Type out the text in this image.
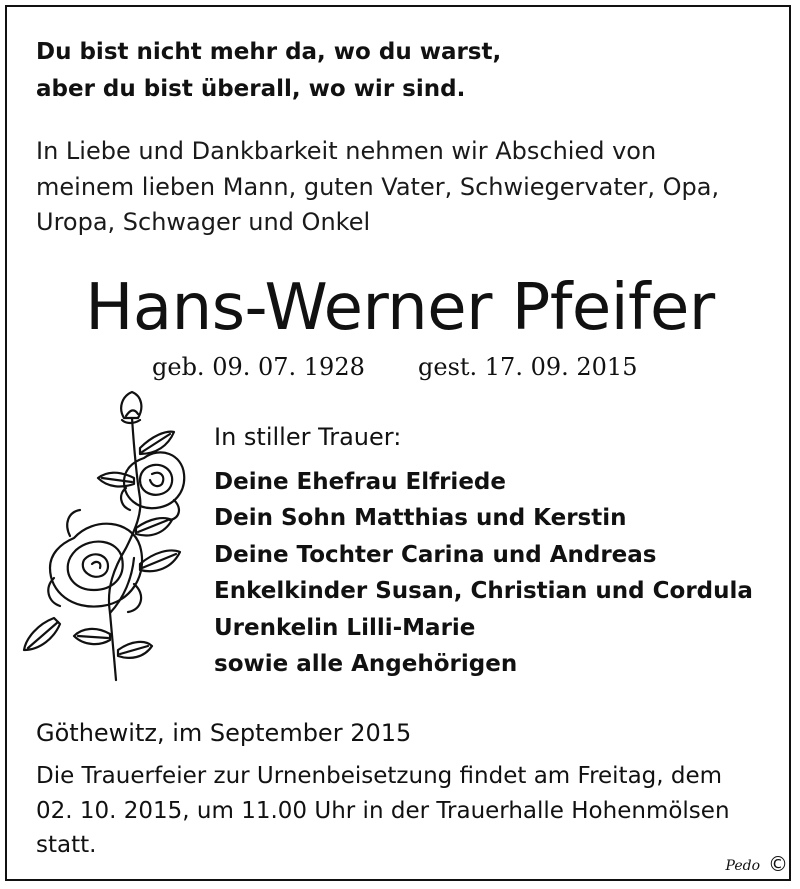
Du bist nicht mehr da, wo du warst,
aber du bist überall, wo wir sind.
In Liebe und Dankbarkeit nehmen wir Abschied von
meinem lieben Mann, guten Vater, Schwiegervater, Opa,
Uropa, Schwager und Onkel
Hans-Werner Pfeifer
geb. 09. 07. 1928 gest. 17. 09. 2015
In stiller Trauer:
Deine Ehefrau Elfriede
Dein Sohn Matthias und Kerstin
Deine Tochter Carina und Andreas
Enkelkinder Susan, Christian und Cordula
Urenkelin Lilli-Marie
sowie alle Angehörigen
Göthewitz, im September 2015
Die Trauerfeier zur Urnenbeisetzung findet am Freitag, dem
02. 10. 2015, um 11.00 Uhr in der Trauerhalle Hohenmölsen
statt.
Pedo ©
